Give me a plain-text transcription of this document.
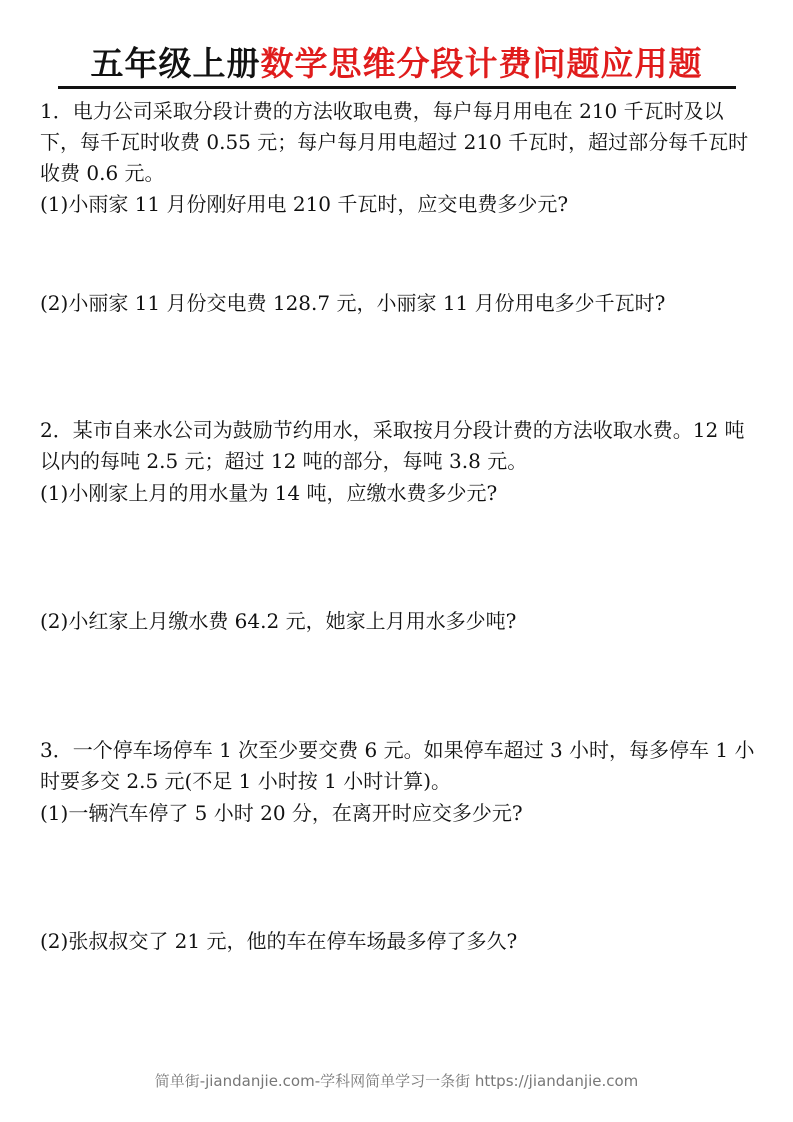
五年级上册数学思维分段计费问题应用题

1．电力公司采取分段计费的方法收取电费，每户每月用电在 210 千瓦时及以下，每千瓦时收费 0.55 元；每户每月用电超过 210 千瓦时，超过部分每千瓦时收费 0.6 元。

(1)小雨家 11 月份刚好用电 210 千瓦时，应交电费多少元?

(2)小丽家 11 月份交电费 128.7 元，小丽家 11 月份用电多少千瓦时?

2．某市自来水公司为鼓励节约用水，采取按月分段计费的方法收取水费。12 吨以内的每吨 2.5 元；超过 12 吨的部分，每吨 3.8 元。

(1)小刚家上月的用水量为 14 吨，应缴水费多少元?

(2)小红家上月缴水费 64.2 元，她家上月用水多少吨?

3．一个停车场停车 1 次至少要交费 6 元。如果停车超过 3 小时，每多停车 1 小时要多交 2.5 元(不足 1 小时按 1 小时计算)。

(1)一辆汽车停了 5 小时 20 分，在离开时应交多少元?

(2)张叔叔交了 21 元，他的车在停车场最多停了多久?

简单街-jiandanjie.com-学科网简单学习一条街 https://jiandanjie.com
